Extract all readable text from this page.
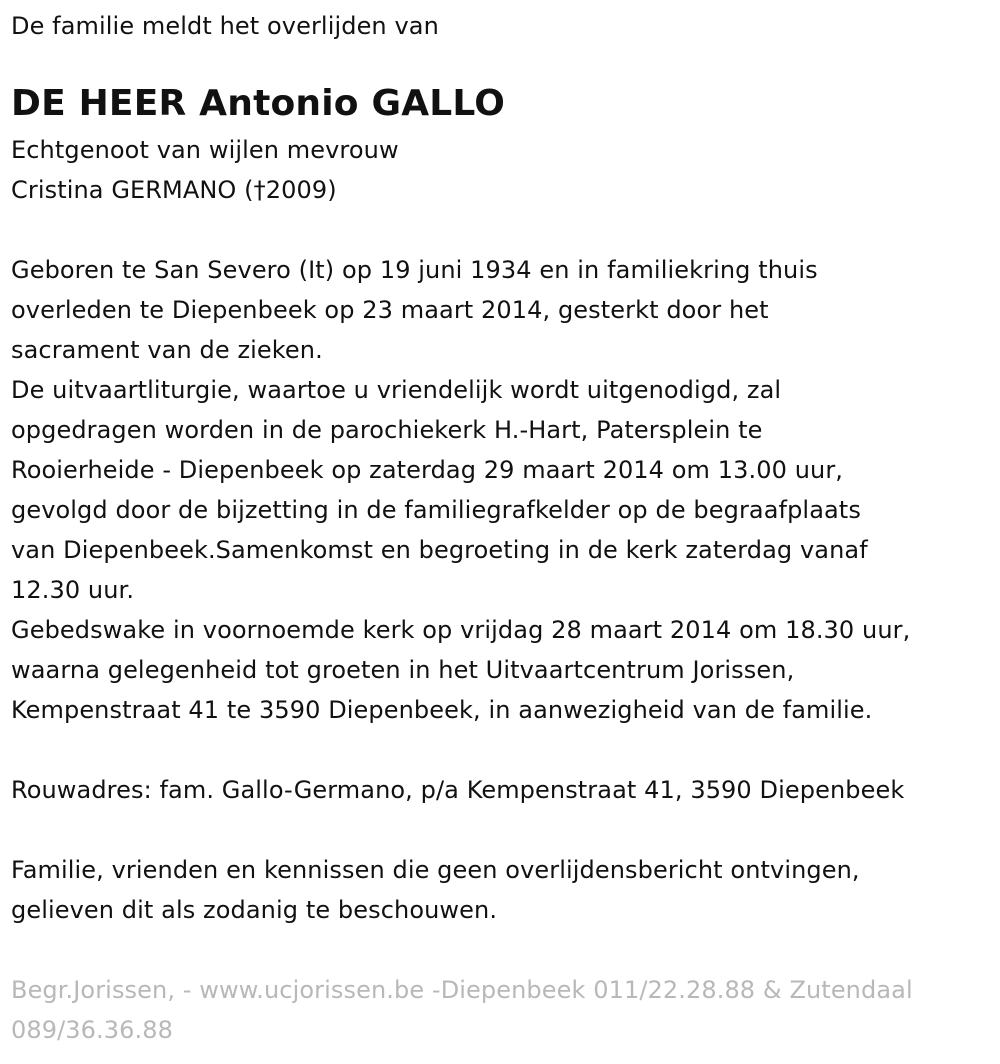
De familie meldt het overlijden van

DE HEER Antonio GALLO

Echtgenoot van wijlen mevrouw

Cristina GERMANO (†2009)

Geboren te San Severo (It) op 19 juni 1934 en in familiekring thuis

overleden te Diepenbeek op 23 maart 2014, gesterkt door het

sacrament van de zieken.

De uitvaartliturgie, waartoe u vriendelijk wordt uitgenodigd, zal

opgedragen worden in de parochiekerk H.-Hart, Patersplein te

Rooierheide - Diepenbeek op zaterdag 29 maart 2014 om 13.00 uur,

gevolgd door de bijzetting in de familiegrafkelder op de begraafplaats

van Diepenbeek.Samenkomst en begroeting in de kerk zaterdag vanaf

12.30 uur.

Gebedswake in voornoemde kerk op vrijdag 28 maart 2014 om 18.30 uur,

waarna gelegenheid tot groeten in het Uitvaartcentrum Jorissen,

Kempenstraat 41 te 3590 Diepenbeek, in aanwezigheid van de familie.

Rouwadres: fam. Gallo-Germano, p/a Kempenstraat 41, 3590 Diepenbeek

Familie, vrienden en kennissen die geen overlijdensbericht ontvingen,

gelieven dit als zodanig te beschouwen.

Begr.Jorissen, - www.ucjorissen.be -Diepenbeek 011/22.28.88 & Zutendaal

089/36.36.88
